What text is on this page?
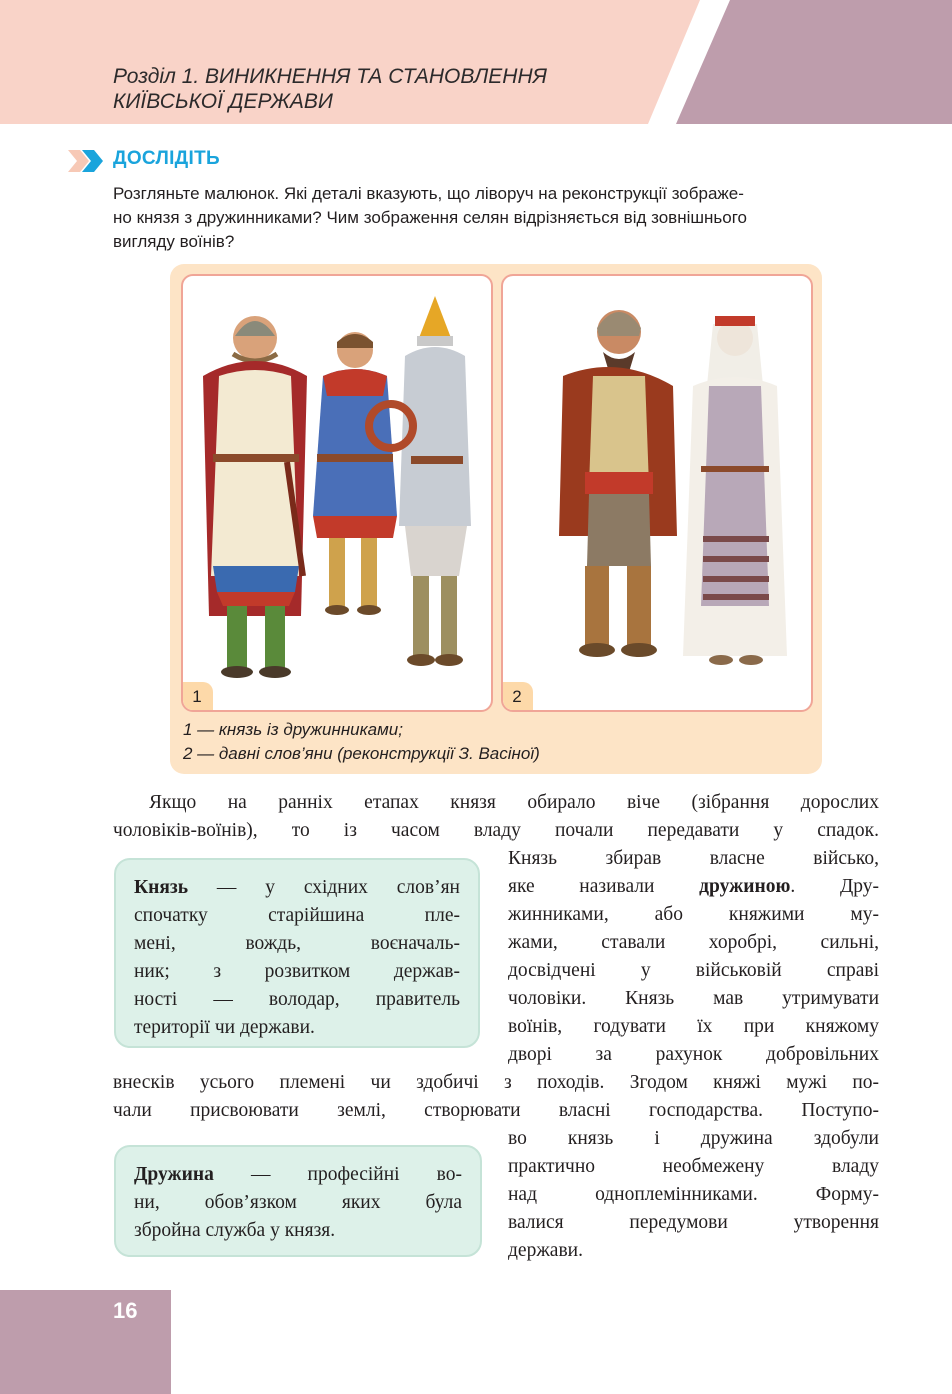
Розділ 1. ВИНИКНЕННЯ ТА СТАНОВЛЕННЯ
КИЇВСЬКОЇ ДЕРЖАВИ
ДОСЛІДІТЬ
Розгляньте малюнок. Які деталі вказують, що ліворуч на реконструкції зображе-
но князя з дружинниками? Чим зображення селян відрізняється від зовнішнього
вигляду воїнів?
1	2
1 — князь із дружинниками;
2 — давні слов’яни (реконструкції З. Васіної)
Якщо на ранніх етапах князя обирало віче (зібрання дорослих
чоловіків-воїнів), то із часом владу почали передавати у спадок.
Князь збирав власне військо,
яке називали дружиною. Дру-
жинниками, або княжими му-
жами, ставали хоробрі, сильні,
досвідчені у військовій справі
чоловіки. Князь мав утримувати
воїнів, годувати їх при княжому
дворі за рахунок добровільних
внесків усього племені чи здобичі з походів. Згодом княжі мужі по-
чали присвоювати землі, створювати власні господарства. Поступо-
во князь і дружина здобули
практично необмежену владу
над одноплемінниками. Форму-
валися передумови утворення
держави.
Князь — у східних слов’ян
спочатку старійшина пле-
мені, вождь, воєначаль-
ник; з розвитком держав-
ності — володар, правитель
території чи держави.
Дружина — професійні во-
ни, обов’язком яких була
збройна служба у князя.
16
